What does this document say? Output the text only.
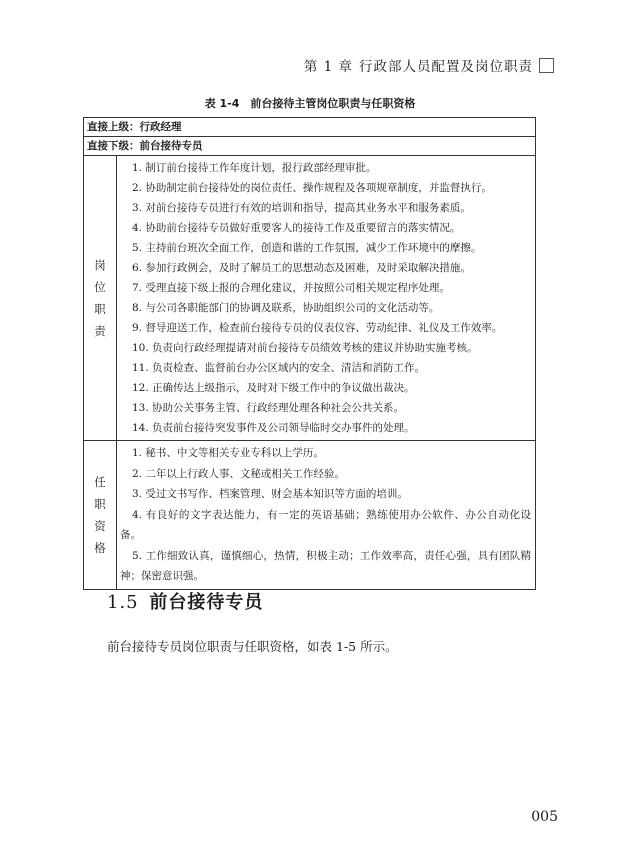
第 1 章 行政部人员配置及岗位职责
表 1-4　前台接待主管岗位职责与任职资格
直接上级：行政经理
直接下级：前台接待专员
岗
位
职
责
1. 制订前台接待工作年度计划，报行政部经理审批。
2. 协助制定前台接待处的岗位责任、操作规程及各项规章制度，并监督执行。
3. 对前台接待专员进行有效的培训和指导，提高其业务水平和服务素质。
4. 协助前台接待专员做好重要客人的接待工作及重要留言的落实情况。
5. 主持前台班次全面工作，创造和谐的工作氛围，减少工作环境中的摩擦。
6. 参加行政例会，及时了解员工的思想动态及困难，及时采取解决措施。
7. 受理直接下级上报的合理化建议，并按照公司相关规定程序处理。
8. 与公司各职能部门的协调及联系，协助组织公司的文化活动等。
9. 督导迎送工作，检查前台接待专员的仪表仪容、劳动纪律、礼仪及工作效率。
10. 负责向行政经理提请对前台接待专员绩效考核的建议并协助实施考核。
11. 负责检查、监督前台办公区域内的安全、清洁和消防工作。
12. 正确传达上级指示，及时对下级工作中的争议做出裁决。
13. 协助公关事务主管、行政经理处理各种社会公共关系。
14. 负责前台接待突发事件及公司领导临时交办事件的处理。
任
职
资
格
1. 秘书、中文等相关专业专科以上学历。
2. 二年以上行政人事、文秘或相关工作经验。
3. 受过文书写作、档案管理、财会基本知识等方面的培训。
4. 有良好的文字表达能力，有一定的英语基础；熟练使用办公软件、办公自动化设备。
5. 工作细致认真，谨慎细心，热情，积极主动；工作效率高，责任心强，具有团队精神；保密意识强。
1.5 前台接待专员
前台接待专员岗位职责与任职资格，如表 1-5 所示。
005
